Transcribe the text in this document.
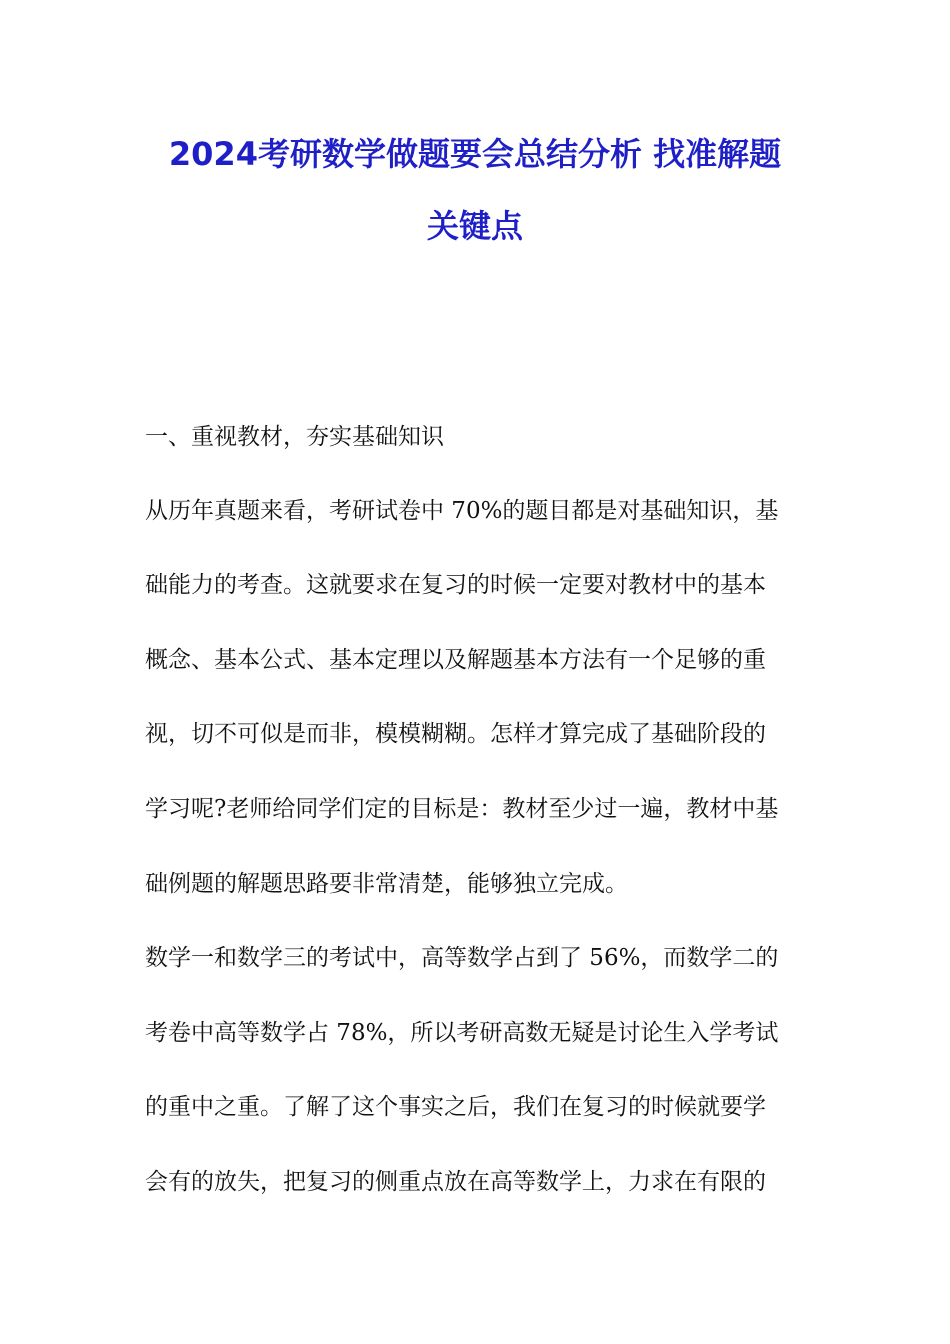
2024考研数学做题要会总结分析 找准解题
关键点
一、重视教材，夯实基础知识
从历年真题来看，考研试卷中 70%的题目都是对基础知识，基
础能力的考查。这就要求在复习的时候一定要对教材中的基本
概念、基本公式、基本定理以及解题基本方法有一个足够的重
视，切不可似是而非，模模糊糊。怎样才算完成了基础阶段的
学习呢?老师给同学们定的目标是：教材至少过一遍，教材中基
础例题的解题思路要非常清楚，能够独立完成。
数学一和数学三的考试中，高等数学占到了 56%，而数学二的
考卷中高等数学占 78%，所以考研高数无疑是讨论生入学考试
的重中之重。了解了这个事实之后，我们在复习的时候就要学
会有的放失，把复习的侧重点放在高等数学上，力求在有限的
